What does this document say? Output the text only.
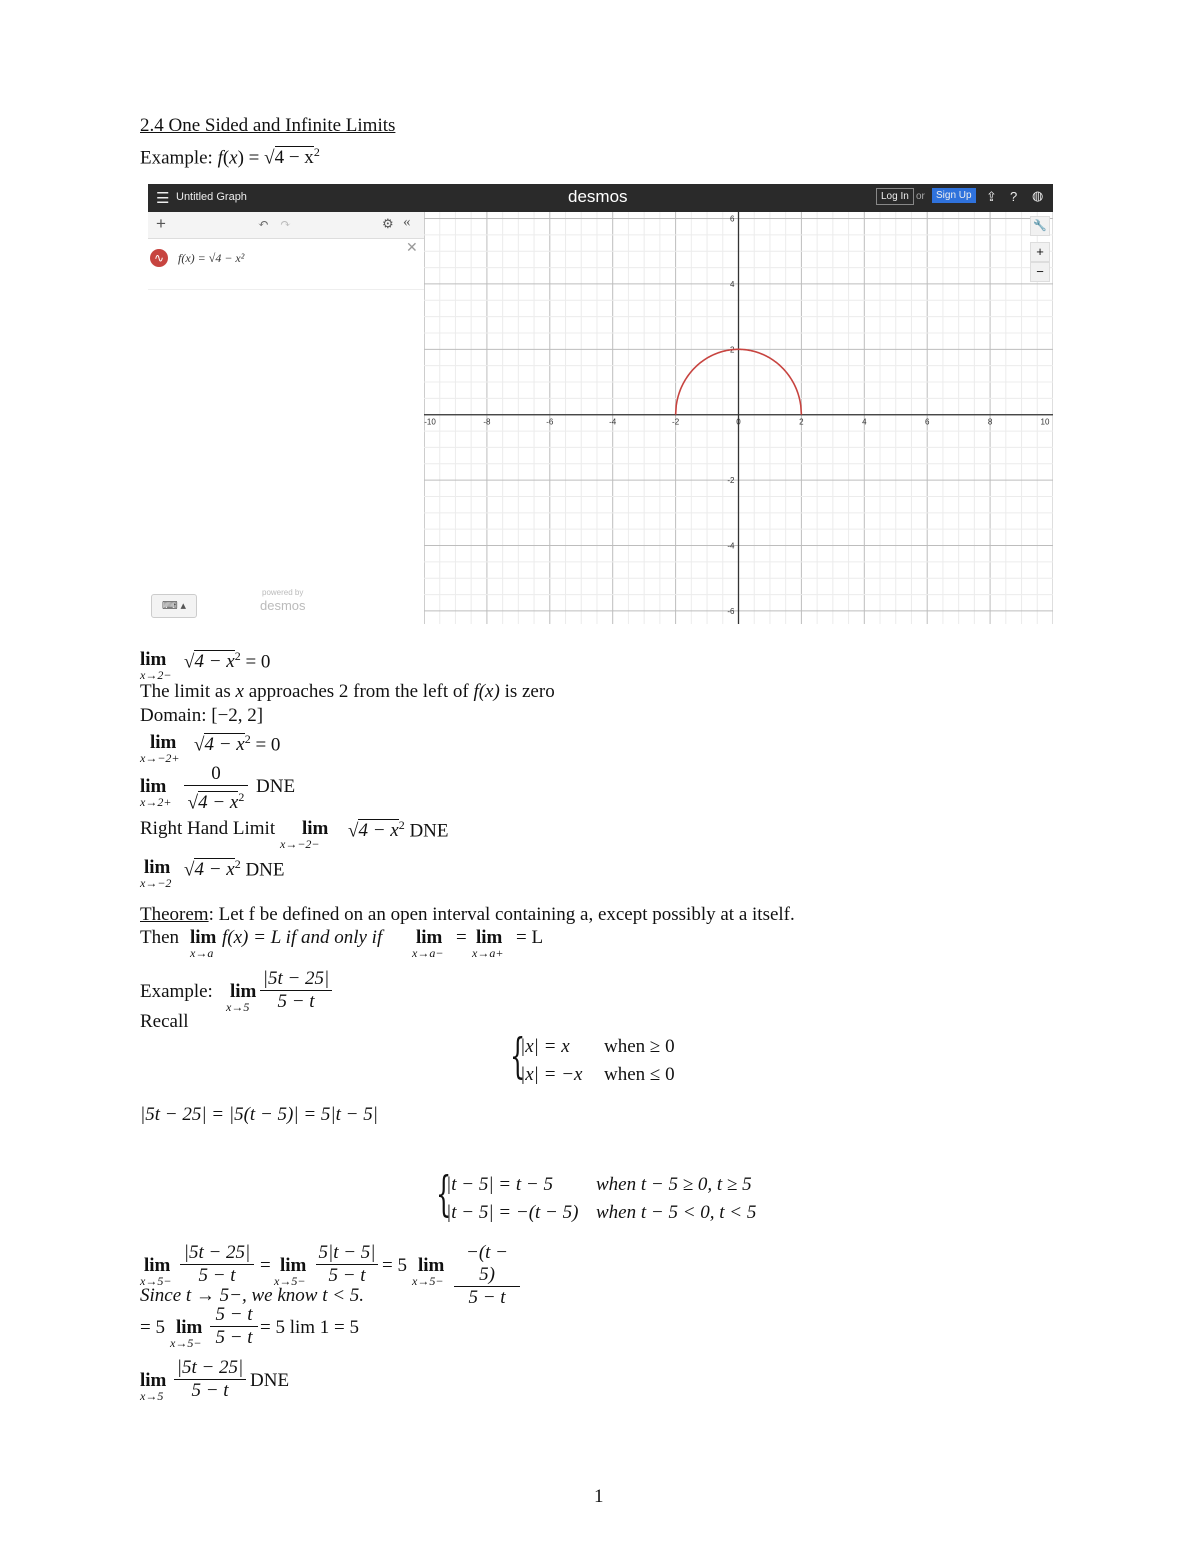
2.4 One Sided and Infinite Limits
Example: $f(x) = √4 - x^2$
☰ Untitled Graph	desmos	Log In or	Sign Up	⇪ ? ◍
+	↶ ↷	⚙ «
∿	f(x) = √4 − x²
✕
⌨ ▴
powered by
desmos
-10	-8	-6	-4	-2	0	2	4	6	8	10
6
4
2
-2
-4
-6
🔧
+
−
lim
x→2−
$√4 - x^2 = 0$
The limit as x approaches 2 from the left of f(x) is zero
Domain: [−2, 2]
lim
x→−2+
$√4 - x^2 = 0$
lim
$x\to 2+ \frac{0}{√4 - x^2}$ DNE
Right Hand Limit	lim
x→−2−
$√4 - x^2$ DNE
lim
x→−2
$√4 - x^2$ DNE
Theorem: Let f be defined on an open interval containing a, except possibly at a itself.
Then lim
x→a
f(x) = L if and only if lim
x→a−
= lim
x→a+
= L
Example: lim
$x\to 5 \frac{|5t - 25|}{5 - t}$
Recall
{
|x| = x when ≥ 0
|x| = −x when ≤ 0
|5t − 25| = |5(t − 5)| = 5|t − 5|
{
|t − 5| = t − 5 when t − 5 ≥ 0, t ≥ 5
|t − 5| = −(t − 5) when t − 5 < 0, t < 5
lim
$x\to 5- \frac{|5t - 25|}{5 - t} = \lim$
$x\to 5- \frac{5|t - 5|}{5 - t} = 5$ lim
$x\to 5- \frac{-(t - 5)}{5 - t}$
Since t → 5−, we know t < 5.
= 5 lim
$x\to 5- \frac{5 - t}{5 - t} = 5$ lim 1 = 5
lim
$x\to 5 \frac{|5t - 25|}{5 - t}$ DNE
1
